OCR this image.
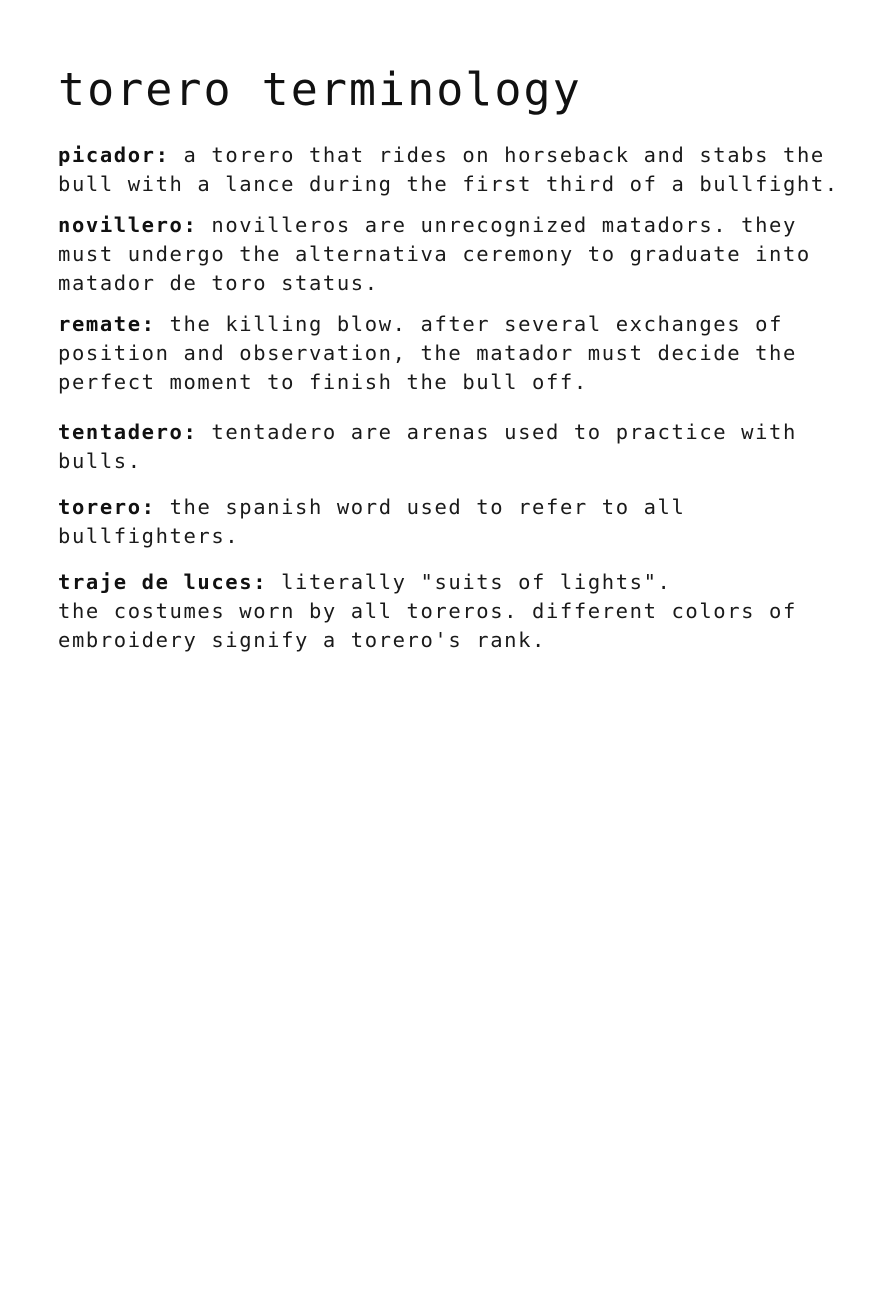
torero terminology
picador: a torero that rides on horseback and stabs the
bull with a lance during the first third of a bullfight.
novillero: novilleros are unrecognized matadors. they
must undergo the alternativa ceremony to graduate into
matador de toro status.
remate: the killing blow. after several exchanges of
position and observation, the matador must decide the
perfect moment to finish the bull off.
tentadero: tentadero are arenas used to practice with
bulls.
torero: the spanish word used to refer to all
bullfighters.
traje de luces: literally "suits of lights".
the costumes worn by all toreros. different colors of
embroidery signify a torero's rank.
